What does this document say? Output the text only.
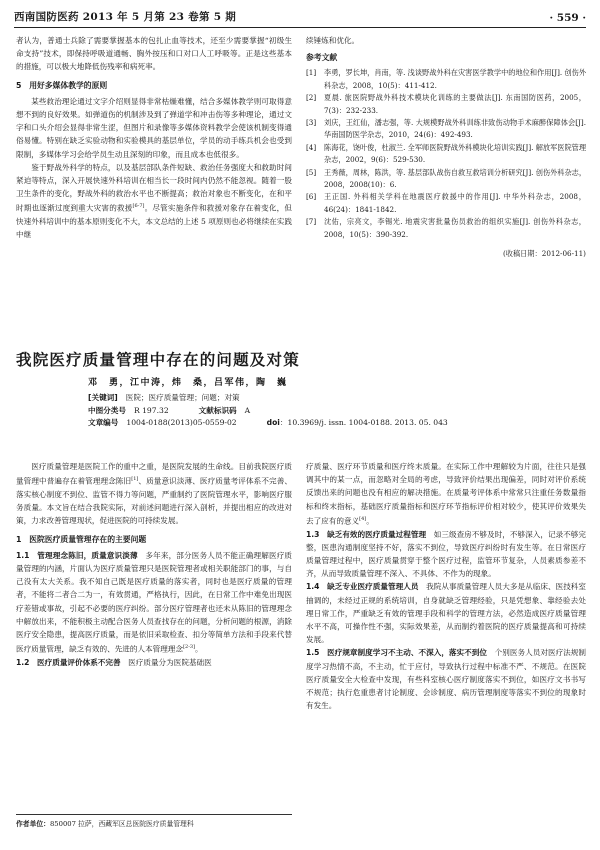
西南国防医药 2013 年 5 月第 23 卷第 5 期	· 559 ·

者认为，普通士兵除了需要掌握基本的包扎止血等技术，还至少需要掌握“初级生命支持”技术，即保持呼吸道通畅、胸外按压和口对口人工呼吸等。正是这些基本的措施，可以极大地降低伤残率和病死率。

5　用好多媒体教学的原则

某些救治理论通过文字介绍则显得非常枯燥难懂，结合多媒体教学则可取得意想不到的良好效果。如弹道伤的机制涉及到了弹道学和冲击伤等多种理论，通过文字和口头介绍会显得非常生涩，但图片和录像等多媒体资料教学会使该机制变得通俗易懂。特别在缺乏实验动物和实验模具的基层单位，学员的动手练兵机会也受到限制，多媒体学习会给学员生动且深刻的印象，而且成本也低很多。

鉴于野战外科学的特点，以及基层部队条件短缺、救治任务强度大和救助时间紧迫等特点，深入开展快速外科培训在相当长一段时间内仍然不能忽视。随着一股卫生条件的变化，野战外科的救治水平也不断提高；救治对象也不断变化，在和平时期也逐渐过度到重大灾害的救援[6-7]。尽管实施条件和救援对象存在着变化，但快速外科培训中的基本原则变化不大，本文总结的上述 5 项原则也必将继续在实践中继

续锤炼和优化。

参考文献
[1]	李勇，罗长坤，肖南，等. 浅谈野战外科在灾害医学教学中的地位和作用[J]. 创伤外科杂志，2008，10(5)：411-412.
[2]	夏晨. 旅医院野战外科技术模块化训练的主要做法[J]. 东南国防医药，2005，7(3)：232-233.
[3]	刘庆，王红仙，潘志强，等. 大规模野战外科训练非致伤动物手术麻醉保障体会[J]. 华南国防医学杂志，2010，24(6)：492-493.
[4]	陈海花，饶叶俊，杜淑兰. 全军师医院野战外科模块化培训实践[J]. 解放军医院管理杂志，2002，9(6)：529-530.
[5]	王秀薇，周林，陈洪，等. 基层部队战伤自救互救培训分析研究[J]. 创伤外科杂志，2008，2008(10)：6.
[6]	王正国. 外科相关学科在地震医疗救援中的作用[J]. 中华外科杂志，2008，46(24)：1841-1842.
[7]	沈佑，宗亮文，李锡光. 地震灾害批量伤员救治的组织实施[J]. 创伤外科杂志，2008，10(5)：390-392.
(收稿日期：2012-06-11)
我院医疗质量管理中存在的问题及对策
邓　勇，江中涛，炜　桑，吕军伟，陶　巍
[关键词] 医院；医疗质量管理；问题；对策
中图分类号 R 197.32	文献标识码 A
文章编号 1004-0188(2013)05-0559-02	doi ：10.3969/j. issn. 1004-0188. 2013. 05. 043

医疗质量管理是医院工作的重中之重，是医院发展的生命线。目前我院医疗质量管理中普遍存在着管理理念陈旧[1]、质量意识淡薄、医疗质量考评体系不完善、落实核心制度不到位、监管不得力等问题，严重制约了医院管理水平，影响医疗服务质量。本文旨在结合我院实际，对前述问题进行深入剖析，并提出相应的改进对策，力求改善管理现状，促进医院的可持续发展。

1　医院医疗质量管理存在的主要问题

1.1　管理理念陈旧，质量意识淡薄　 多年来，部分医务人员不能正确理解医疗质量管理的内涵，片面认为医疗质量管理只是医院管理者或相关职能部门的事，与自己没有太大关系。我不知自己既是医疗质量的落实者，同时也是医疗质量的管理者，不能将二者合二为一，有效贯通，严格执行，因此，在日常工作中难免出现医疗差错或事故，引起不必要的医疗纠纷。部分医疗管理者也还未从陈旧的管理理念中解放出来，不能积极主动配合医务人员查找存在的问题，分析问题的根源，消除医疗安全隐患，提高医疗质量，而是依旧采取检查、扣分等简单方法和手段来代替医疗质量管理，缺乏有效的、先进的人本管理理念[2-3]。

1.2　医疗质量评价体系不完善　 医疗质量分为医院基础医

疗质量、医疗环节质量和医疗终末质量。在实际工作中理解较为片面，往往只是强调其中的某一点，而忽略对全局的考虑，导致评价结果出现偏差，同时对评价系统反馈出来的问题也没有相应的解决措施。在质量考评体系中常常只注重任务数量指标和终末指标，基础医疗质量指标和医疗环节指标评价相对较少，使其评价效果失去了应有的意义[4]。

1.3　缺乏有效的医疗质量过程管理　 如三级查房不够及时，不够深入，记录不够完整，医患沟通制度坚持不好，落实不到位，导致医疗纠纷时有发生等。在日常医疗质量管理过程中，医疗质量贯穿于整个医疗过程，监管环节复杂，人员素质参差不齐，从而导致质量管理不深入、不具体、不作为的现象。

1.4　缺乏专业医疗质量管理人员　 我院从事质量管理人员大多是从临床、医技科室抽调的，未经过正规的系统培训，自身就缺乏管理经验，只是凭想象、靠经验去处理日常工作，严重缺乏有效的管理手段和科学的管理方法，必然造成医疗质量管理水平不高，可操作性不强，实际效果差，从而制约着医院的医疗质量提高和可持续发展。

1.5　医疗规章制度学习不主动、不深入，落实不到位　 个别医务人员对医疗法规制度学习热情不高，不主动，忙于应付，导致执行过程中标准不严、不规范。在医院医疗质量安全大检查中发现，有些科室核心医疗制度落实不到位，如医疗文书书写不规范；执行危重患者讨论制度、会诊制度、病历管理制度等落实不到位的现象时有发生。

作者单位：850007 拉萨，西藏军区总医院医疗质量管理科
